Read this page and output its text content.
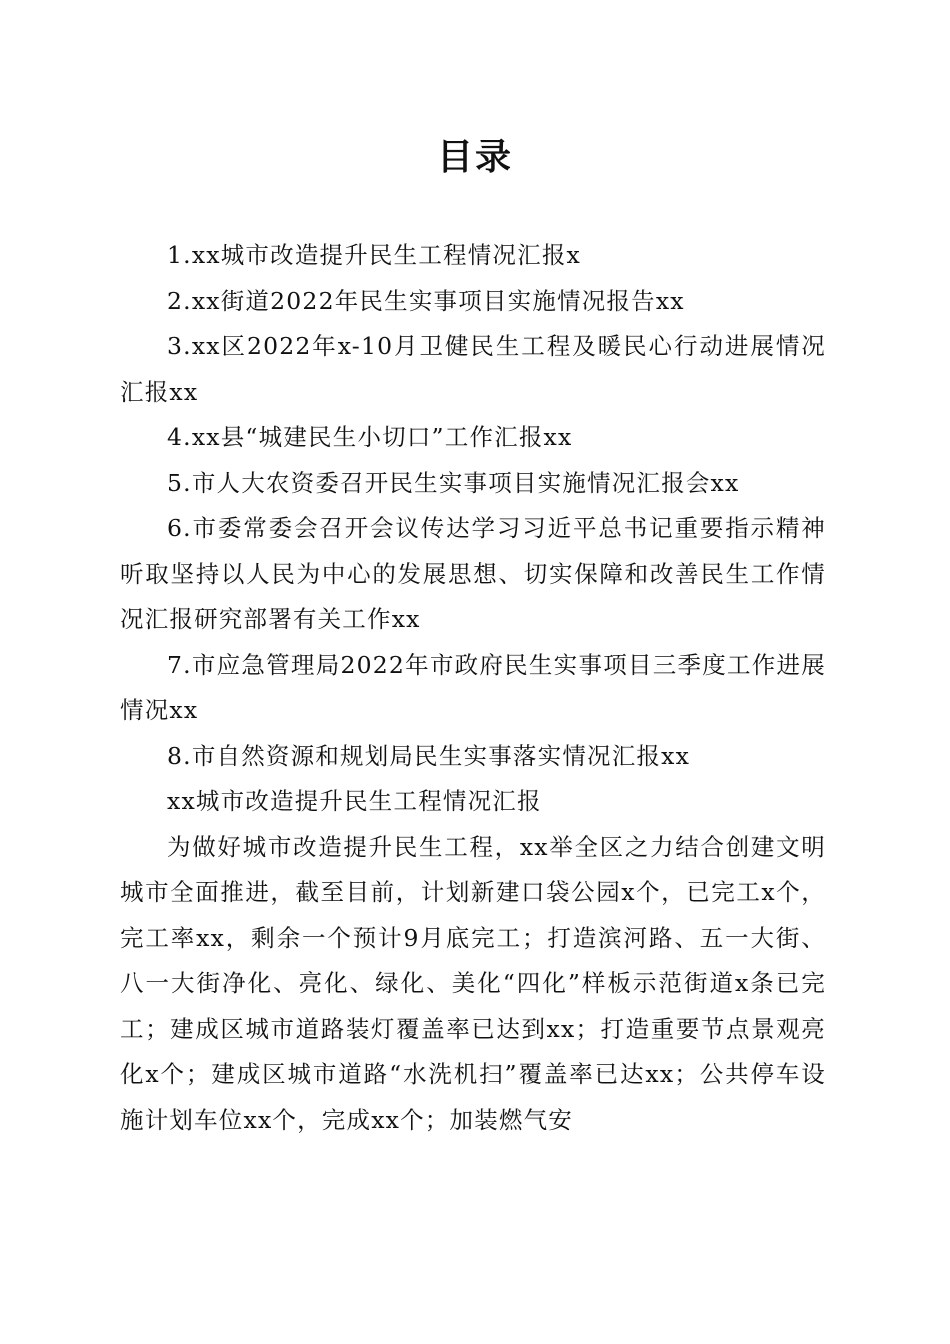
目录

1.xx城市改造提升民生工程情况汇报x

2.xx街道2022年民生实事项目实施情况报告xx

3.xx区2022年x-10月卫健民生工程及暖民心行动进展情况汇报xx

4.xx县“城建民生小切口”工作汇报xx

5.市人大农资委召开民生实事项目实施情况汇报会xx

6.市委常委会召开会议传达学习习近平总书记重要指示精神听取坚持以人民为中心的发展思想、切实保障和改善民生工作情况汇报研究部署有关工作xx

7.市应急管理局2022年市政府民生实事项目三季度工作进展情况xx

8.市自然资源和规划局民生实事落实情况汇报xx

xx城市改造提升民生工程情况汇报

为做好城市改造提升民生工程，xx举全区之力结合创建文明城市全面推进，截至目前，计划新建口袋公园x个，已完工x个，完工率xx，剩余一个预计9月底完工；打造滨河路、五一大街、八一大街净化、亮化、绿化、美化“四化”样板示范街道x条已完工；建成区城市道路装灯覆盖率已达到xx；打造重要节点景观亮化x个；建成区城市道路“水洗机扫”覆盖率已达xx；公共停车设施计划车位xx个，完成xx个；加装燃气安
